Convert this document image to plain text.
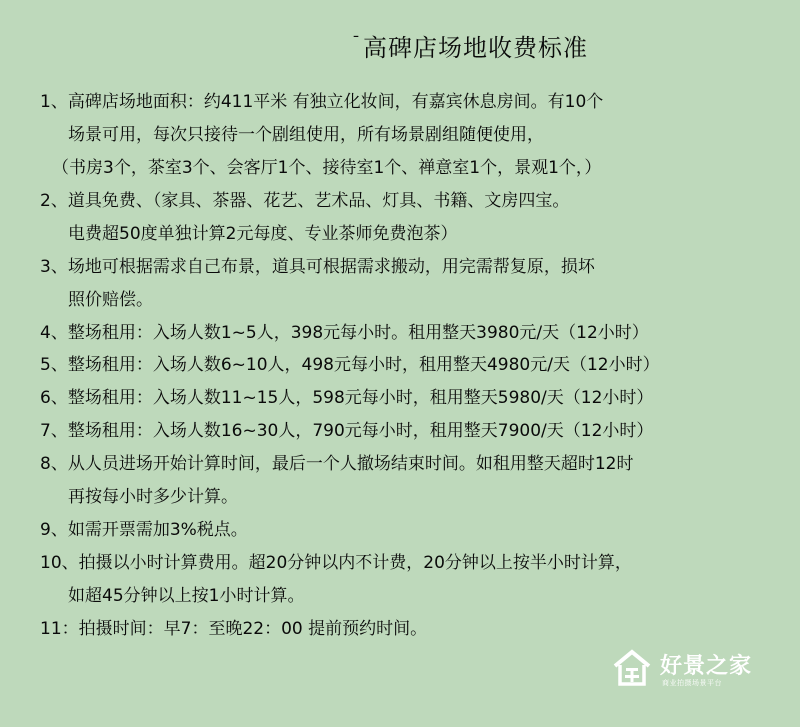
$^ˉ$高碑店场地收费标准
1、高碑店场地面积：约411平米 有独立化妆间，有嘉宾休息房间。有10个
场景可用，每次只接待一个剧组使用，所有场景剧组随便使用，
（书房3个，茶室3个、会客厅1个、接待室1个、禅意室1个，景观1个，）
2、道具免费、（家具、茶器、花艺、艺术品、灯具、书籍、文房四宝。
电费超50度单独计算2元每度、专业茶师免费泡茶）
3、场地可根据需求自己布景，道具可根据需求搬动，用完需帮复原，损坏
照价赔偿。
4、整场租用：入场人数1~5人，398元每小时。租用整天3980元/天（12小时）
5、整场租用：入场人数6~10人，498元每小时，租用整天4980元/天（12小时）
6、整场租用：入场人数11~15人，598元每小时，租用整天5980/天（12小时）
7、整场租用：入场人数16~30人，790元每小时，租用整天7900/天（12小时）
8、从人员进场开始计算时间，最后一个人撤场结束时间。如租用整天超时12时
再按每小时多少计算。
9、如需开票需加3%税点。
10、拍摄以小时计算费用。超20分钟以内不计费，20分钟以上按半小时计算，
如超45分钟以上按1小时计算。
11：拍摄时间：早7：至晚22：00 提前预约时间。
好景之家
商业拍摄场景平台
